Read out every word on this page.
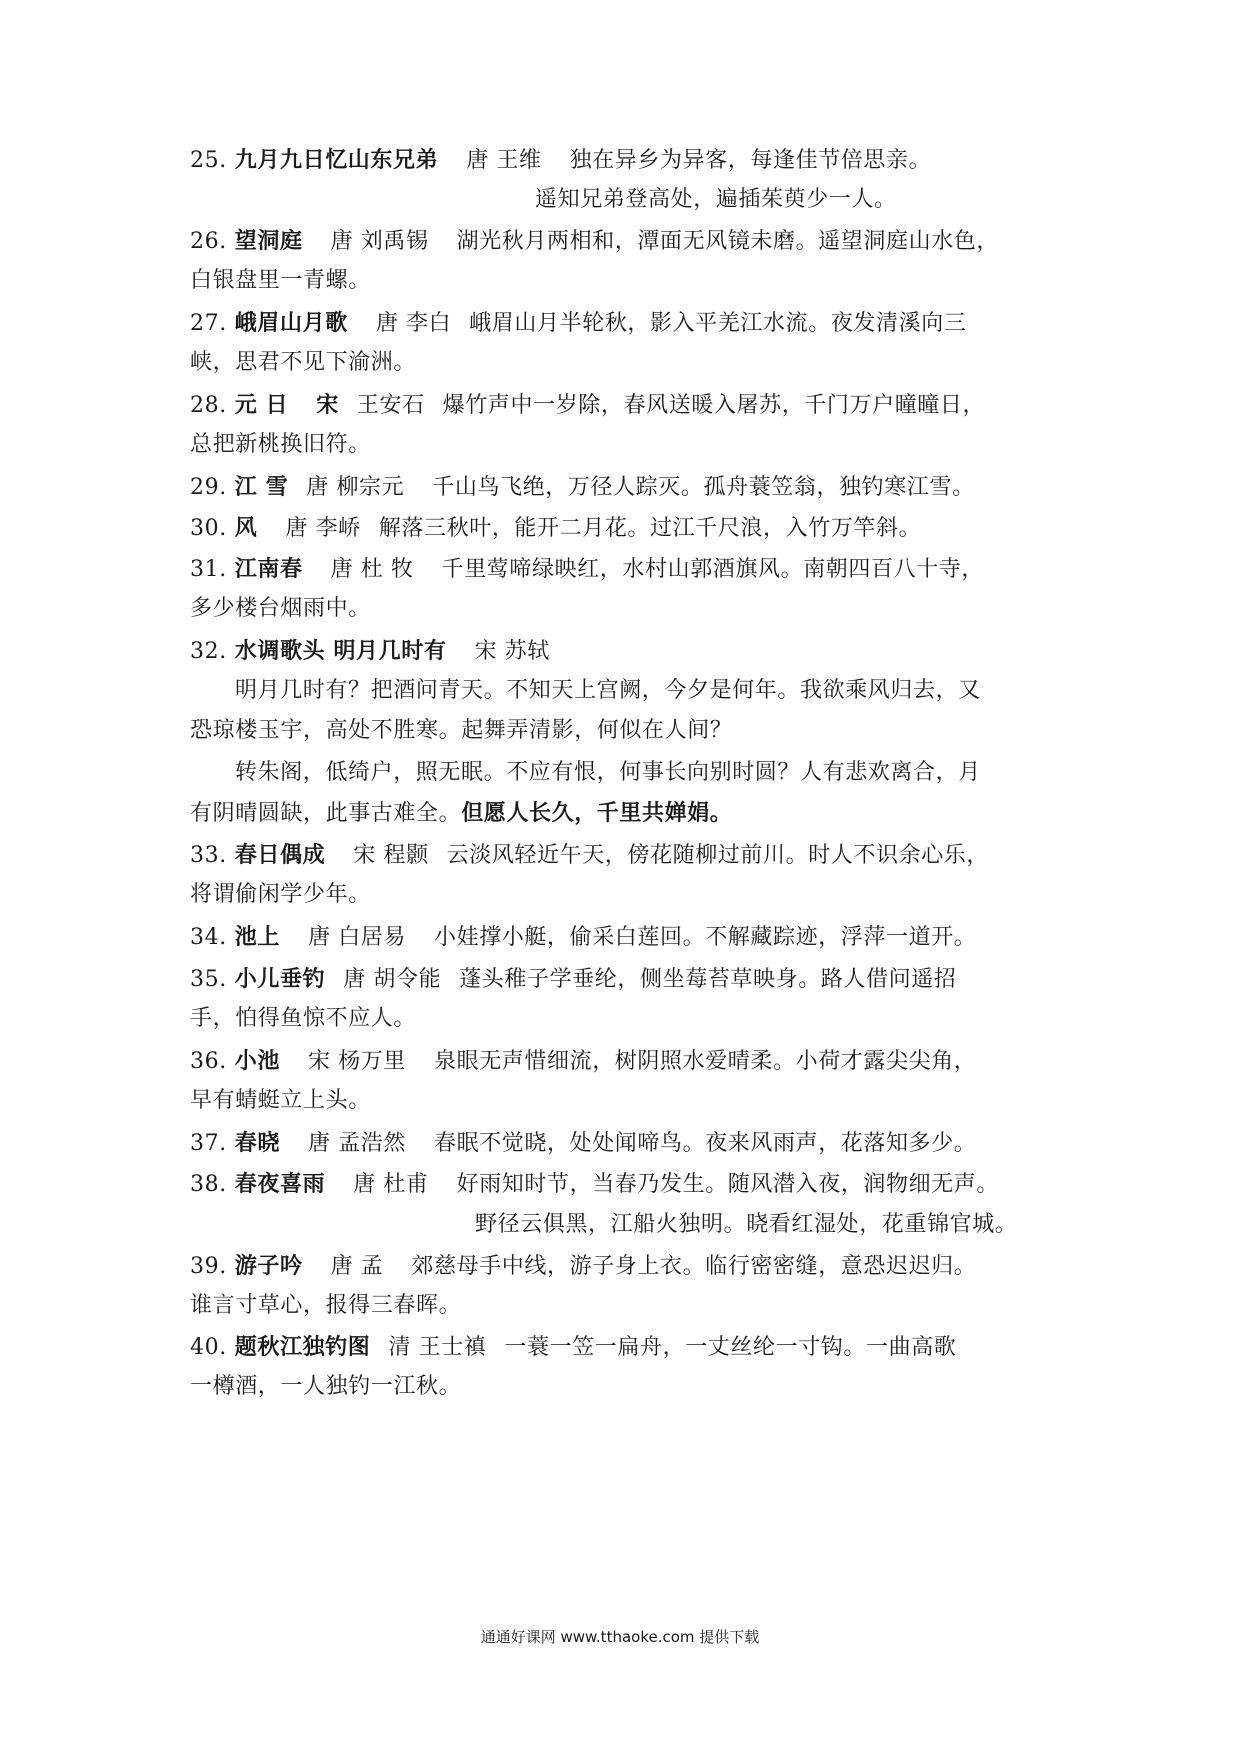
25. 九月九日忆山东兄弟 唐 王维 独在异乡为异客，每逢佳节倍思亲。
遥知兄弟登高处，遍插茱萸少一人。
26. 望洞庭 唐 刘禹锡 湖光秋月两相和，潭面无风镜未磨。遥望洞庭山水色，
白银盘里一青螺。
27. 峨眉山月歌 唐 李白 峨眉山月半轮秋，影入平羌江水流。夜发清溪向三
峡，思君不见下渝洲。
28. 元 日 宋 王安石 爆竹声中一岁除，春风送暖入屠苏，千门万户曈曈日，
总把新桃换旧符。
29. 江 雪 唐 柳宗元 千山鸟飞绝，万径人踪灭。孤舟蓑笠翁，独钓寒江雪。
30. 风 唐 李峤 解落三秋叶，能开二月花。过江千尺浪，入竹万竿斜。
31. 江南春 唐 杜 牧 千里莺啼绿映红，水村山郭酒旗风。南朝四百八十寺，
多少楼台烟雨中。
32. 水调歌头 明月几时有 宋 苏轼
明月几时有？把酒问青天。不知天上宫阙，今夕是何年。我欲乘风归去，又
恐琼楼玉宇，高处不胜寒。起舞弄清影，何似在人间？
转朱阁，低绮户，照无眠。不应有恨，何事长向别时圆？人有悲欢离合，月
有阴晴圆缺，此事古难全。但愿人长久，千里共婵娟。
33. 春日偶成 宋 程颢 云淡风轻近午天，傍花随柳过前川。时人不识余心乐，
将谓偷闲学少年。
34. 池上 唐 白居易 小娃撑小艇，偷采白莲回。不解藏踪迹，浮萍一道开。
35. 小儿垂钓 唐 胡令能 蓬头稚子学垂纶，侧坐莓苔草映身。路人借问遥招
手，怕得鱼惊不应人。
36. 小池 宋 杨万里 泉眼无声惜细流，树阴照水爱晴柔。小荷才露尖尖角，
早有蜻蜓立上头。
37. 春晓 唐 孟浩然 春眠不觉晓，处处闻啼鸟。夜来风雨声，花落知多少。
38. 春夜喜雨 唐 杜甫 好雨知时节，当春乃发生。随风潜入夜，润物细无声。
野径云俱黑，江船火独明。晓看红湿处，花重锦官城。
39. 游子吟 唐 孟 郊慈母手中线，游子身上衣。临行密密缝，意恐迟迟归。
谁言寸草心，报得三春晖。
40. 题秋江独钓图 清 王士禛 一蓑一笠一扁舟，一丈丝纶一寸钩。一曲高歌
一樽酒，一人独钓一江秋。
通通好课网 www.tthaoke.com 提供下载
